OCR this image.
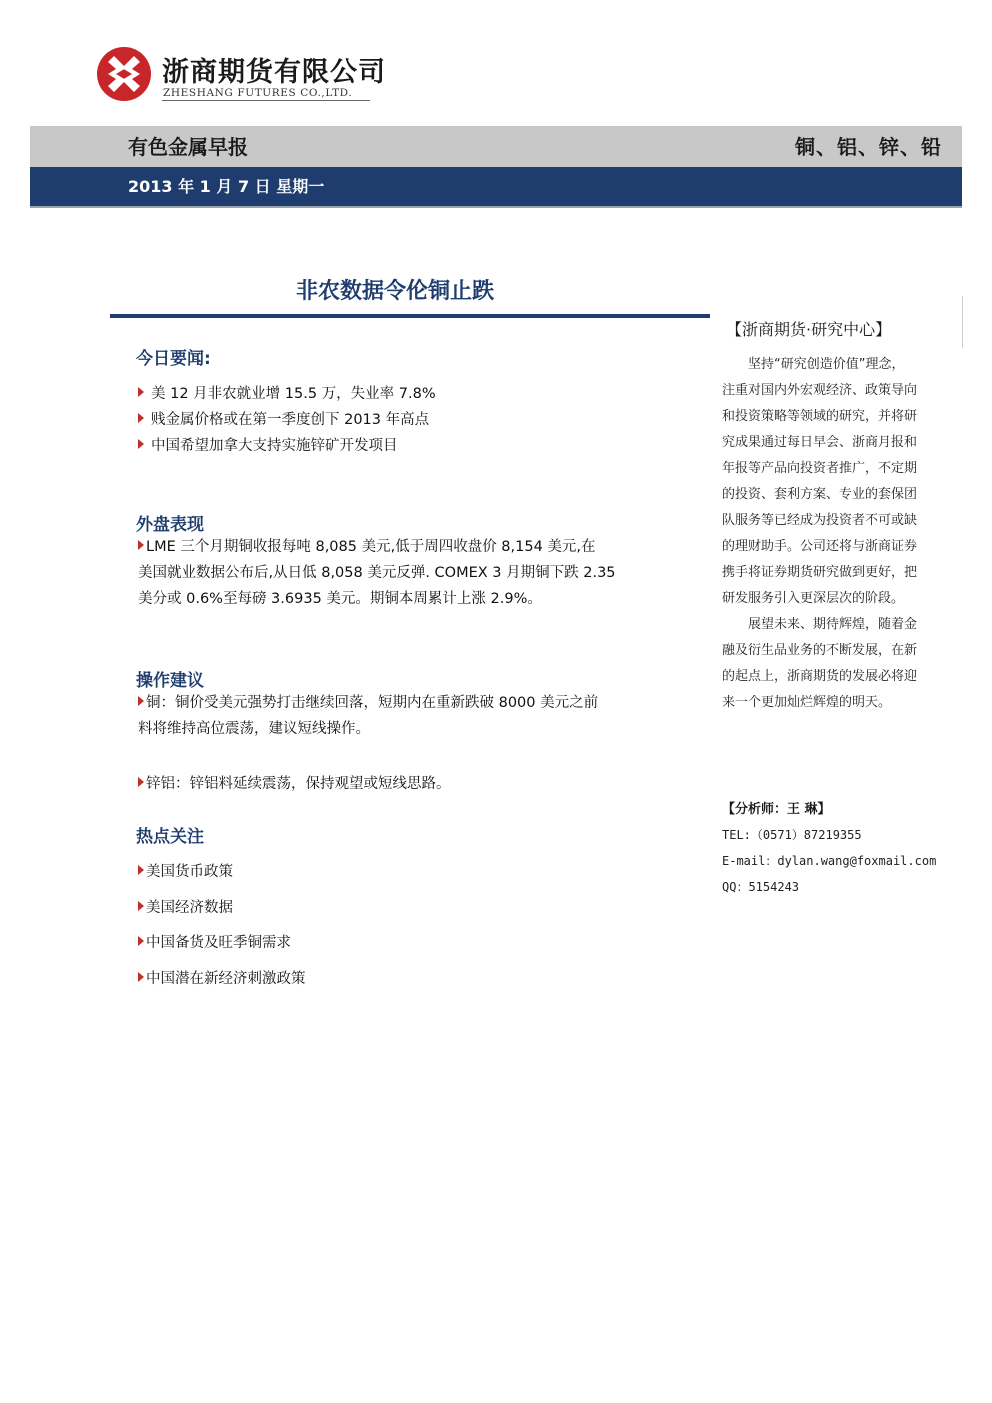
浙商期货有限公司
ZHESHANG FUTURES CO.,LTD.
有色金属早报	铜、铝、锌、铅
2013 年 1 月 7 日 星期一
非农数据令伦铜止跌
今日要闻:
美 12 月非农就业增 15.5 万，失业率 7.8%
贱金属价格或在第一季度创下 2013 年高点
中国希望加拿大支持实施锌矿开发项目
外盘表现
LME 三个月期铜收报每吨 8,085 美元,低于周四收盘价 8,154 美元,在
美国就业数据公布后,从日低 8,058 美元反弹. COMEX 3 月期铜下跌 2.35
美分或 0.6%至每磅 3.6935 美元。期铜本周累计上涨 2.9%。
操作建议
铜：铜价受美元强势打击继续回落，短期内在重新跌破 8000 美元之前
料将维持高位震荡，建议短线操作。
锌铝：锌铝料延续震荡，保持观望或短线思路。
热点关注
美国货币政策
美国经济数据
中国备货及旺季铜需求
中国潜在新经济刺激政策
【浙商期货·研究中心】
　　坚持“研究创造价值”理念，
注重对国内外宏观经济、政策导向
和投资策略等领域的研究，并将研
究成果通过每日早会、浙商月报和
年报等产品向投资者推广，不定期
的投资、套利方案、专业的套保团
队服务等已经成为投资者不可或缺
的理财助手。公司还将与浙商证券
携手将证券期货研究做到更好，把
研发服务引入更深层次的阶段。
　　展望未来、期待辉煌，随着金
融及衍生品业务的不断发展，在新
的起点上，浙商期货的发展必将迎
来一个更加灿烂辉煌的明天。
【分析师：王 琳】
TEL:（0571）87219355
E-mail：dylan.wang@foxmail.com
QQ：5154243
